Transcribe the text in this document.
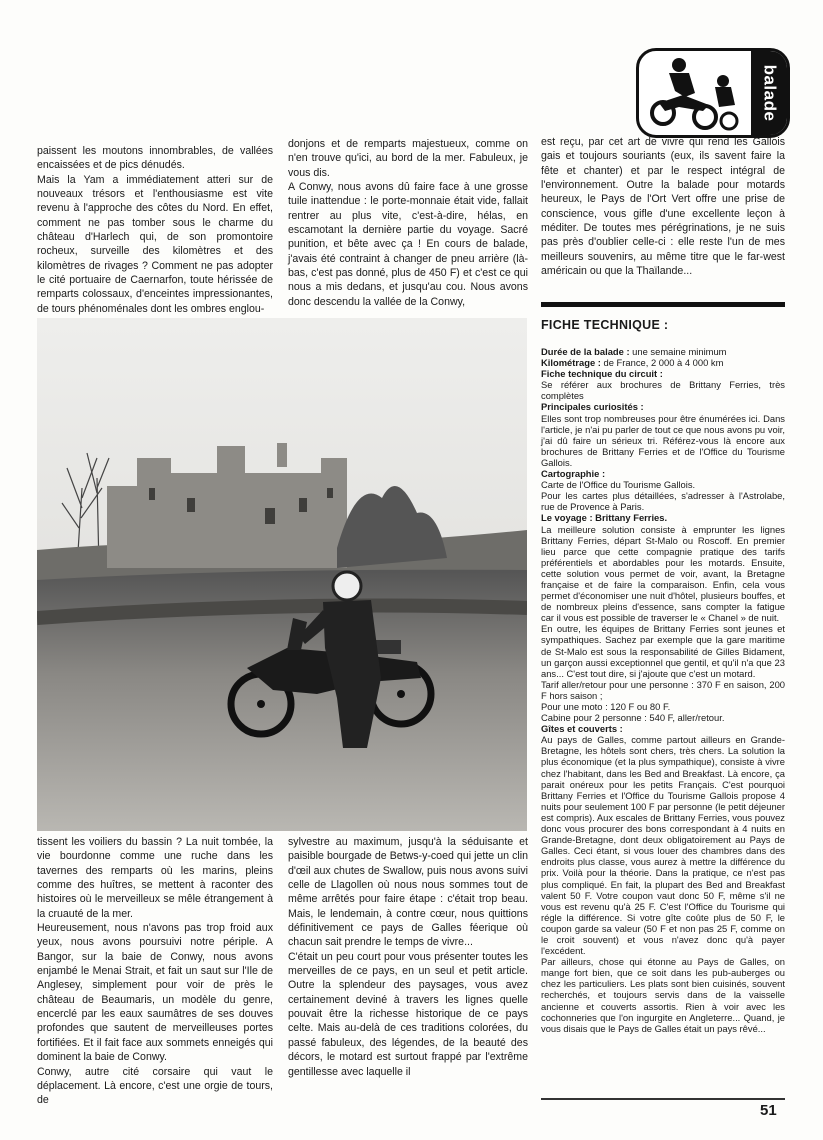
balade

paissent les moutons innombrables, de vallées encaissées et de pics dénudés.
Mais la Yam a immédiatement atteri sur de nouveaux trésors et l'enthousiasme est vite revenu à l'approche des côtes du Nord. En effet, comment ne pas tomber sous le charme du château d'Harlech qui, de son promontoire rocheux, surveille des kilomètres et des kilomètres de rivages ? Comment ne pas adopter le cité portuaire de Caernarfon, toute hérissée de remparts colossaux, d'enceintes impressionantes, de tours phénoménales dont les ombres englou-

donjons et de remparts majestueux, comme on n'en trouve qu'ici, au bord de la mer. Fabuleux, je vous dis.
A Conwy, nous avons dû faire face à une grosse tuile inattendue : le porte-monnaie était vide, fallait rentrer au plus vite, c'est-à-dire, hélas, en escamotant la dernière partie du voyage. Sacré punition, et bête avec ça ! En cours de balade, j'avais été contraint à changer de pneu arrière (là-bas, c'est pas donné, plus de 450 F) et c'est ce qui nous a mis dedans, et jusqu'au cou. Nous avons donc descendu la vallée de la Conwy,

est reçu, par cet art de vivre qui rend les Gallois gais et toujours souriants (eux, ils savent faire la fête et chanter) et par le respect intégral de l'environnement. Outre la balade pour motards heureux, le Pays de l'Ort Vert offre une prise de conscience, vous gifle d'une excellente leçon à méditer. De toutes mes pérégrinations, je ne suis pas près d'oublier celle-ci : elle reste l'un de mes meilleurs souvenirs, au même titre que le far-west américain ou que la Thaïlande...

tissent les voiliers du bassin ? La nuit tombée, la vie bourdonne comme une ruche dans les tavernes des remparts où les marins, pleins comme des huîtres, se mettent à raconter des histoires où le merveilleux se mêle étrangement à la cruauté de la mer.
Heureusement, nous n'avons pas trop froid aux yeux, nous avons poursuivi notre périple. A Bangor, sur la baie de Conwy, nous avons enjambé le Menai Strait, et fait un saut sur l'Ile de Anglesey, simplement pour voir de près le château de Beaumaris, un modèle du genre, encerclé par les eaux saumâtres de ses douves profondes que sautent de merveilleuses portes fortifiées. Et il fait face aux sommets enneigés qui dominent la baie de Conwy.
Conwy, autre cité corsaire qui vaut le déplacement. Là encore, c'est une orgie de tours, de

sylvestre au maximum, jusqu'à la séduisante et paisible bourgade de Betws-y-coed qui jette un clin d'œil aux chutes de Swallow, puis nous avons suivi celle de Llagollen où nous nous sommes tout de même arrêtés pour faire étape : c'était trop beau. Mais, le lendemain, à contre cœur, nous quittions définitivement ce pays de Galles féerique où chacun sait prendre le temps de vivre...
C'était un peu court pour vous présenter toutes les merveilles de ce pays, en un seul et petit article. Outre la splendeur des paysages, vous avez certainement deviné à travers les lignes quelle pouvait être la richesse historique de ce pays celte. Mais au-delà de ces traditions colorées, du passé fabuleux, des légendes, de la beauté des décors, le motard est surtout frappé par l'extrême gentillesse avec laquelle il

FICHE TECHNIQUE :

Durée de la balade : une semaine minimum

Kilométrage : de France, 2 000 à 4 000 km

Fiche technique du circuit :

Se référer aux brochures de Brittany Ferries, très complètes

Principales curiosités :

Elles sont trop nombreuses pour être énumérées ici. Dans l'article, je n'ai pu parler de tout ce que nous avons pu voir, j'ai dû faire un sérieux tri. Référez-vous là encore aux brochures de Brittany Ferries et de l'Office du Tourisme Gallois.

Cartographie :

Carte de l'Office du Tourisme Gallois.
Pour les cartes plus détaillées, s'adresser à l'Astrolabe, rue de Provence à Paris.

Le voyage : Brittany Ferries.

La meilleure solution consiste à emprunter les lignes Brittany Ferries, départ St-Malo ou Roscoff. En premier lieu parce que cette compagnie pratique des tarifs préférentiels et abordables pour les motards. Ensuite, cette solution vous permet de voir, avant, la Bretagne française et de faire la comparaison. Enfin, cela vous permet d'économiser une nuit d'hôtel, plusieurs bouffes, et de nombreux pleins d'essence, sans compter la fatigue car il vous est possible de traverser le « Chanel » de nuit.
En outre, les équipes de Brittany Ferries sont jeunes et sympathiques. Sachez par exemple que la gare maritime de St-Malo est sous la responsabilité de Gilles Bidament, un garçon aussi exceptionnel que gentil, et qu'il n'a que 23 ans... C'est tout dire, si j'ajoute que c'est un motard.
Tarif aller/retour pour une personne : 370 F en saison, 200 F hors saison ;
Pour une moto : 120 F ou 80 F.
Cabine pour 2 personne : 540 F, aller/retour.

Gîtes et couverts :

Au pays de Galles, comme partout ailleurs en Grande-Bretagne, les hôtels sont chers, très chers. La solution la plus économique (et la plus sympathique), consiste à vivre chez l'habitant, dans les Bed and Breakfast. Là encore, ça parait onéreux pour les petits Français. C'est pourquoi Brittany Ferries et l'Office du Tourisme Gallois propose 4 nuits pour seulement 100 F par personne (le petit déjeuner est compris). Aux escales de Brittany Ferries, vous pouvez donc vous procurer des bons correspondant à 4 nuits en Grande-Bretagne, dont deux obligatoirement au Pays de Galles. Ceci étant, si vous louer des chambres dans des endroits plus classe, vous aurez à mettre la différence du prix. Voilà pour la théorie. Dans la pratique, ce n'est pas plus compliqué. En fait, la plupart des Bed and Breakfast valent 50 F. Votre coupon vaut donc 50 F, même s'il ne vous est revenu qu'à 25 F. C'est l'Office du Tourisme qui régle la différence. Si votre gîte coûte plus de 50 F, le coupon garde sa valeur (50 F et non pas 25 F, comme on le croit souvent) et vous n'avez donc qu'à payer l'excédent.
Par ailleurs, chose qui étonne au Pays de Galles, on mange fort bien, que ce soit dans les pub-auberges ou chez les particuliers. Les plats sont bien cuisinés, souvent recherchés, et toujours servis dans de la vaisselle ancienne et couverts assortis. Rien à voir avec les cochonneries que l'on ingurgite en Angleterre... Quand, je vous disais que le Pays de Galles était un pays rêvé...

51
